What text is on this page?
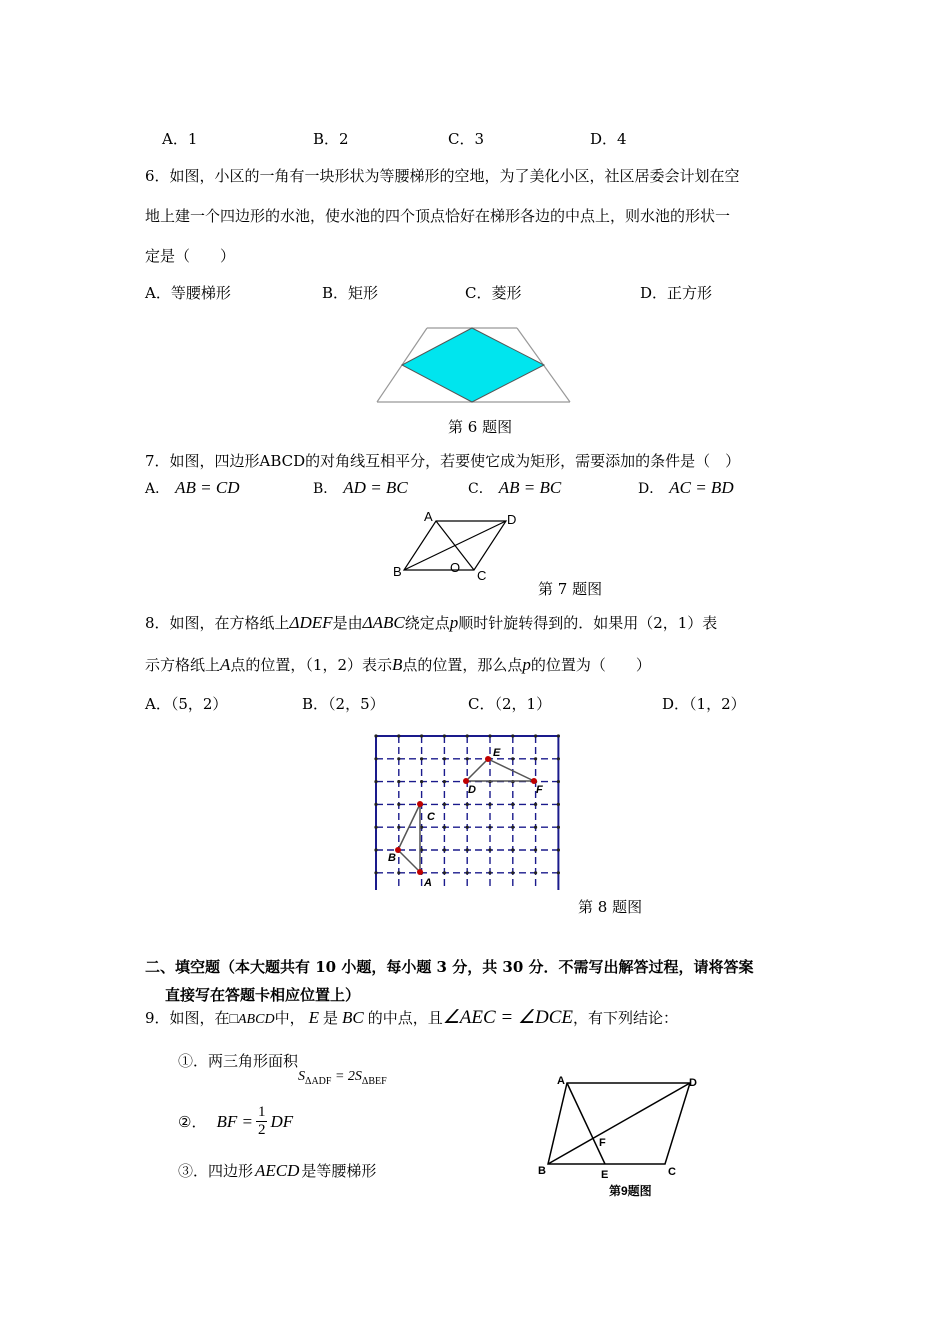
A．1	B．2	C．3	D．4
6．如图，小区的一角有一块形状为等腰梯形的空地，为了美化小区，社区居委会计划在空
地上建一个四边形的水池，使水池的四个顶点恰好在梯形各边的中点上，则水池的形状一
定是（　　）
A．等腰梯形	B．矩形	C．菱形	D．正方形
第 6 题图
7．如图，四边形ABCD的对角线互相平分，若要使它成为矩形，需要添加的条件是（　）
A． AB = CD	B． AD = BC	C． AB = BC	D． AC = BD
A	D
B	C
O
第 7 题图
8．如图，在方格纸上ΔDEF是由ΔABC绕定点p顺时针旋转得到的．如果用（2，1）表
示方格纸上A点的位置，（1，2）表示B点的位置，那么点p的位置为（　　）
A．（5，2）	B．（2，5）	C．（2，1）	D．（1，2）
A
B
C
D
E
F
第 8 题图
二、填空题（本大题共有 10 小题，每小题 3 分，共 30 分．不需写出解答过程，请将答案
直接写在答题卡相应位置上）
9．如图，在□ABCD中， E 是 BC 的中点，且∠AEC = ∠DCE，有下列结论：
①．两三角形面积$S_{\Delta ADF} = 2S_{\Delta BEF}$
②． BF = $\frac{1}{2}$ DF
③．四边形 AECD 是等腰梯形
A	D
B	E	C
F
第9题图
